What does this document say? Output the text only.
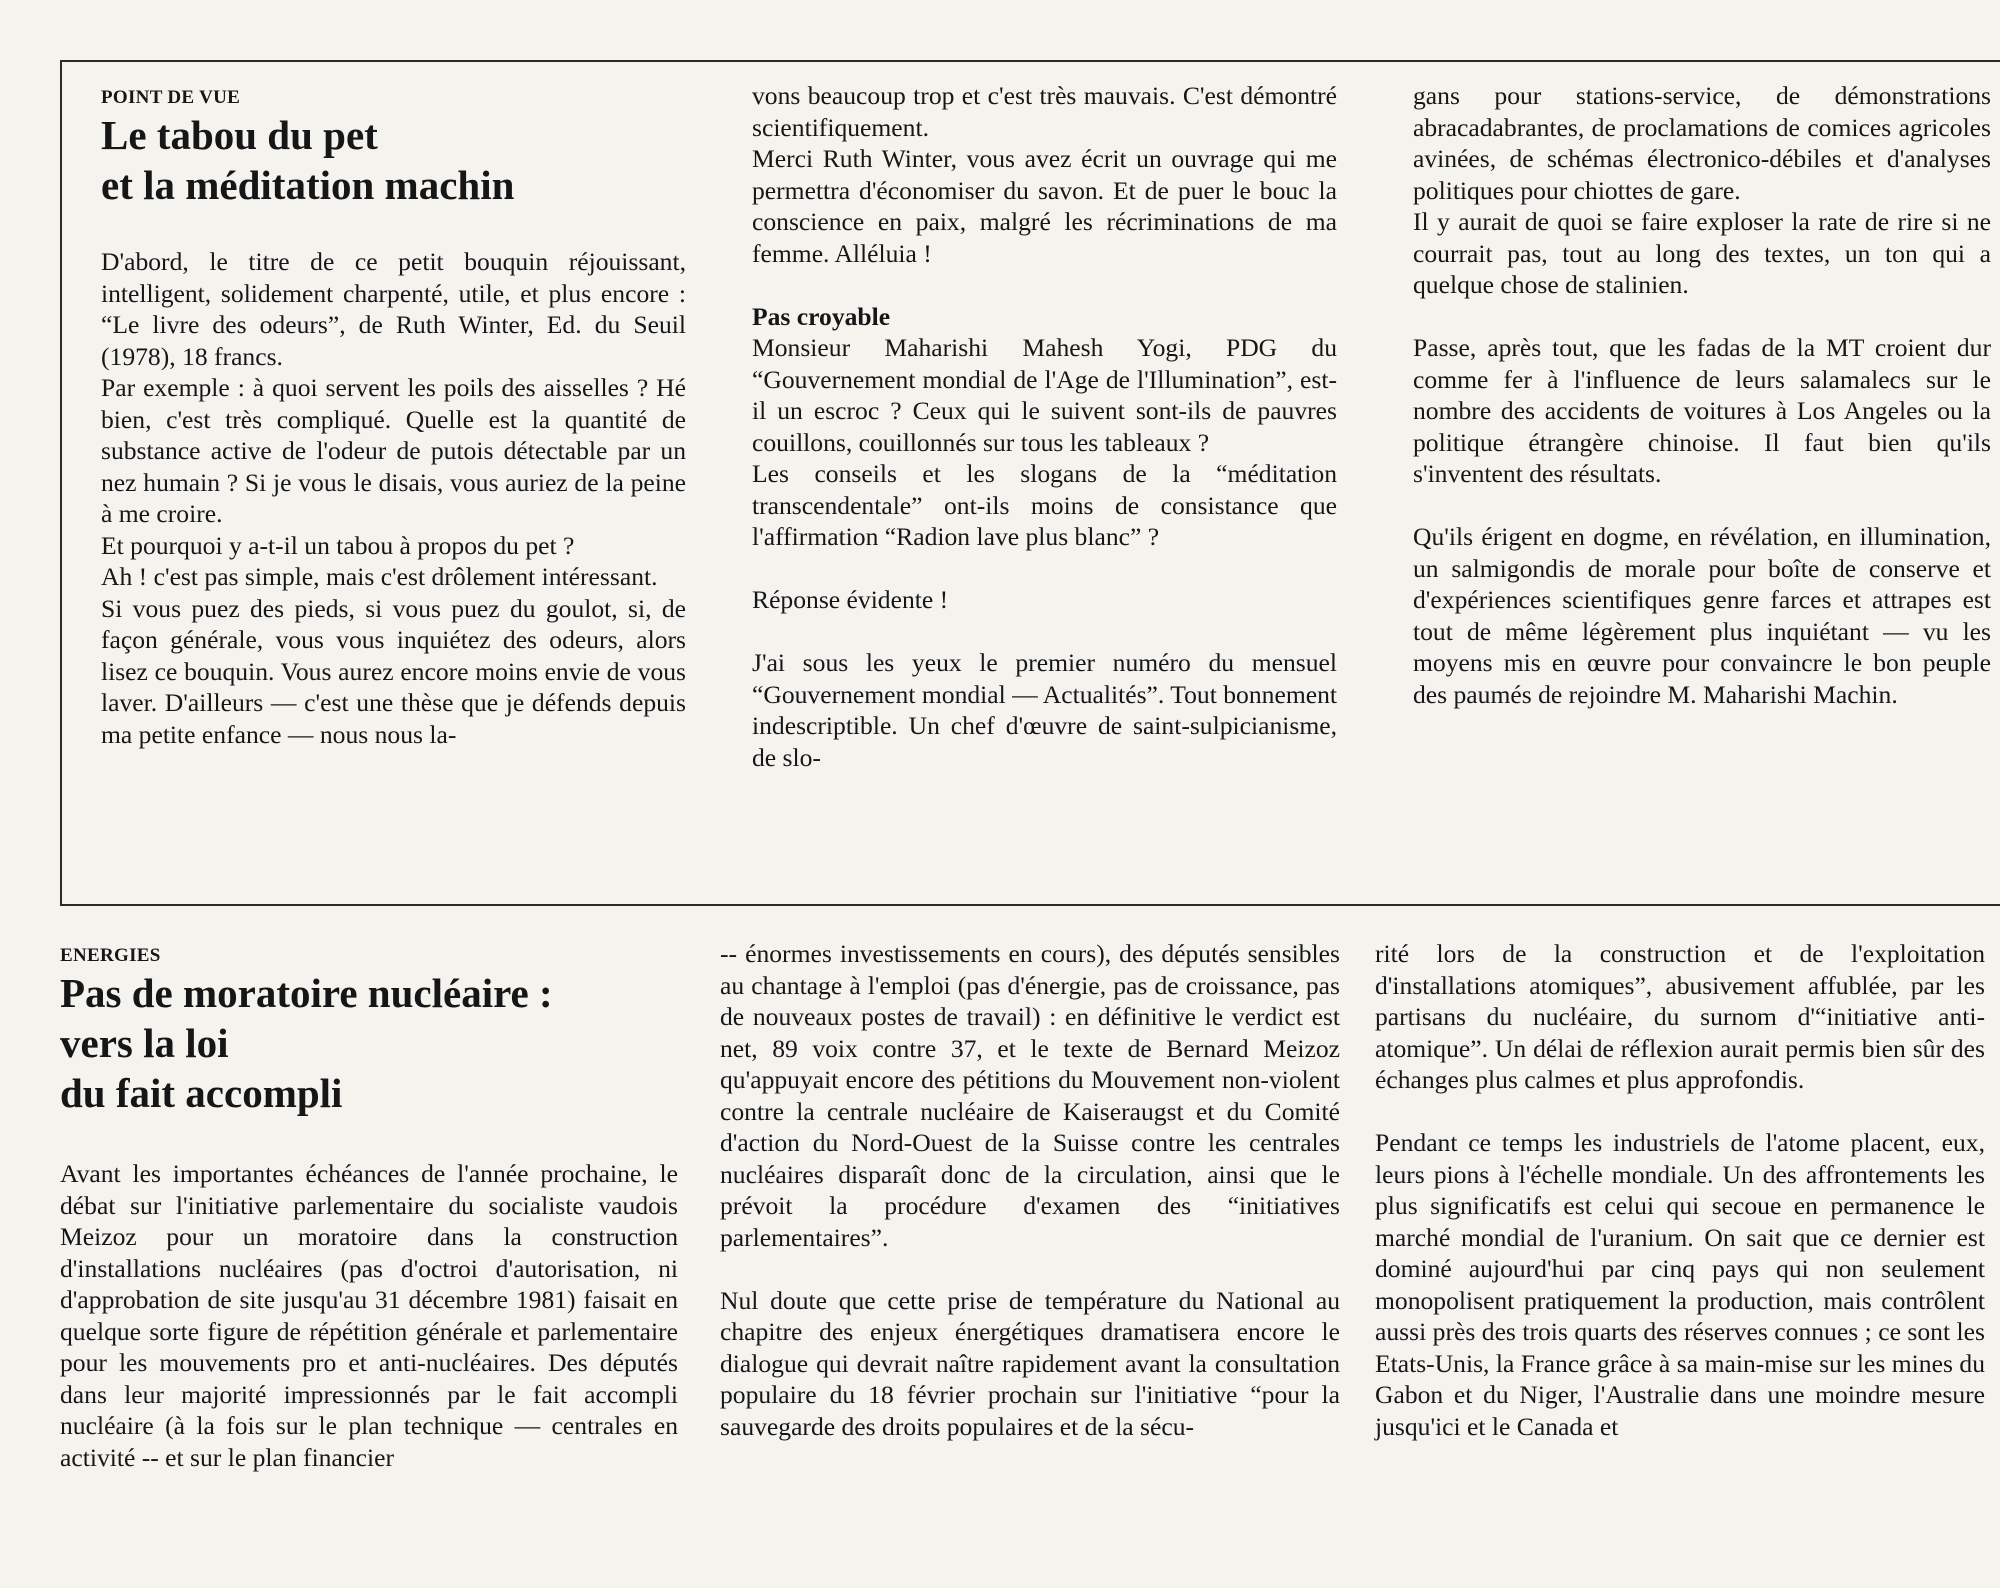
POINT DE VUE

Le tabou du pet
et la méditation machin

D'abord, le titre de ce petit bouquin réjouissant, intelligent, solidement charpenté, utile, et plus encore : “Le livre des odeurs”, de Ruth Winter, Ed. du Seuil (1978), 18 francs.

Par exemple : à quoi servent les poils des aisselles ? Hé bien, c'est très compliqué. Quelle est la quantité de substance active de l'odeur de putois détectable par un nez humain ? Si je vous le disais, vous auriez de la peine à me croire.

Et pourquoi y a-t-il un tabou à propos du pet ?

Ah ! c'est pas simple, mais c'est drôlement intéressant.

Si vous puez des pieds, si vous puez du goulot, si, de façon générale, vous vous inquiétez des odeurs, alors lisez ce bouquin. Vous aurez encore moins envie de vous laver. D'ailleurs — c'est une thèse que je défends depuis ma petite enfance — nous nous la-

vons beaucoup trop et c'est très mauvais. C'est démontré scientifiquement.

Merci Ruth Winter, vous avez écrit un ouvrage qui me permettra d'économiser du savon. Et de puer le bouc la conscience en paix, malgré les récriminations de ma femme. Alléluia !

Pas croyable

Monsieur Maharishi Mahesh Yogi, PDG du “Gouvernement mondial de l'Age de l'Illumination”, est-il un escroc ? Ceux qui le suivent sont-ils de pauvres couillons, couillonnés sur tous les tableaux ?

Les conseils et les slogans de la “méditation transcendentale” ont-ils moins de consistance que l'affirmation “Radion lave plus blanc” ?

Réponse évidente !

J'ai sous les yeux le premier numéro du mensuel “Gouvernement mondial — Actualités”. Tout bonnement indescriptible. Un chef d'œuvre de saint-sulpicianisme, de slo-

gans pour stations-service, de démonstrations abracadabrantes, de proclamations de comices agricoles avinées, de schémas électronico-débiles et d'analyses politiques pour chiottes de gare.

Il y aurait de quoi se faire exploser la rate de rire si ne courrait pas, tout au long des textes, un ton qui a quelque chose de stalinien.

Passe, après tout, que les fadas de la MT croient dur comme fer à l'influence de leurs salamalecs sur le nombre des accidents de voitures à Los Angeles ou la politique étrangère chinoise. Il faut bien qu'ils s'inventent des résultats.

Qu'ils érigent en dogme, en révélation, en illumination, un salmigondis de morale pour boîte de conserve et d'expériences scientifiques genre farces et attrapes est tout de même légèrement plus inquiétant — vu les moyens mis en œuvre pour convaincre le bon peuple des paumés de rejoindre M. Maharishi Machin.

ENERGIES

Pas de moratoire nucléaire :
vers la loi
du fait accompli

Avant les importantes échéances de l'année prochaine, le débat sur l'initiative parlementaire du socialiste vaudois Meizoz pour un moratoire dans la construction d'installations nucléaires (pas d'octroi d'autorisation, ni d'approbation de site jusqu'au 31 décembre 1981) faisait en quelque sorte figure de répétition générale et parlementaire pour les mouvements pro et anti-nucléaires. Des députés dans leur majorité impressionnés par le fait accompli nucléaire (à la fois sur le plan technique — centrales en activité -- et sur le plan financier

-- énormes investissements en cours), des députés sensibles au chantage à l'emploi (pas d'énergie, pas de croissance, pas de nouveaux postes de travail) : en définitive le verdict est net, 89 voix contre 37, et le texte de Bernard Meizoz qu'appuyait encore des pétitions du Mouvement non-violent contre la centrale nucléaire de Kaiseraugst et du Comité d'action du Nord-Ouest de la Suisse contre les centrales nucléaires disparaît donc de la circulation, ainsi que le prévoit la procédure d'examen des “initiatives parlementaires”.

Nul doute que cette prise de température du National au chapitre des enjeux énergétiques dramatisera encore le dialogue qui devrait naître rapidement avant la consultation populaire du 18 février prochain sur l'initiative “pour la sauvegarde des droits populaires et de la sécu-

rité lors de la construction et de l'exploitation d'installations atomiques”, abusivement affublée, par les partisans du nucléaire, du surnom d'“initiative anti-atomique”. Un délai de réflexion aurait permis bien sûr des échanges plus calmes et plus approfondis.

Pendant ce temps les industriels de l'atome placent, eux, leurs pions à l'échelle mondiale. Un des affrontements les plus significatifs est celui qui secoue en permanence le marché mondial de l'uranium. On sait que ce dernier est dominé aujourd'hui par cinq pays qui non seulement monopolisent pratiquement la production, mais contrôlent aussi près des trois quarts des réserves connues ; ce sont les Etats-Unis, la France grâce à sa main-mise sur les mines du Gabon et du Niger, l'Australie dans une moindre mesure jusqu'ici et le Canada et
